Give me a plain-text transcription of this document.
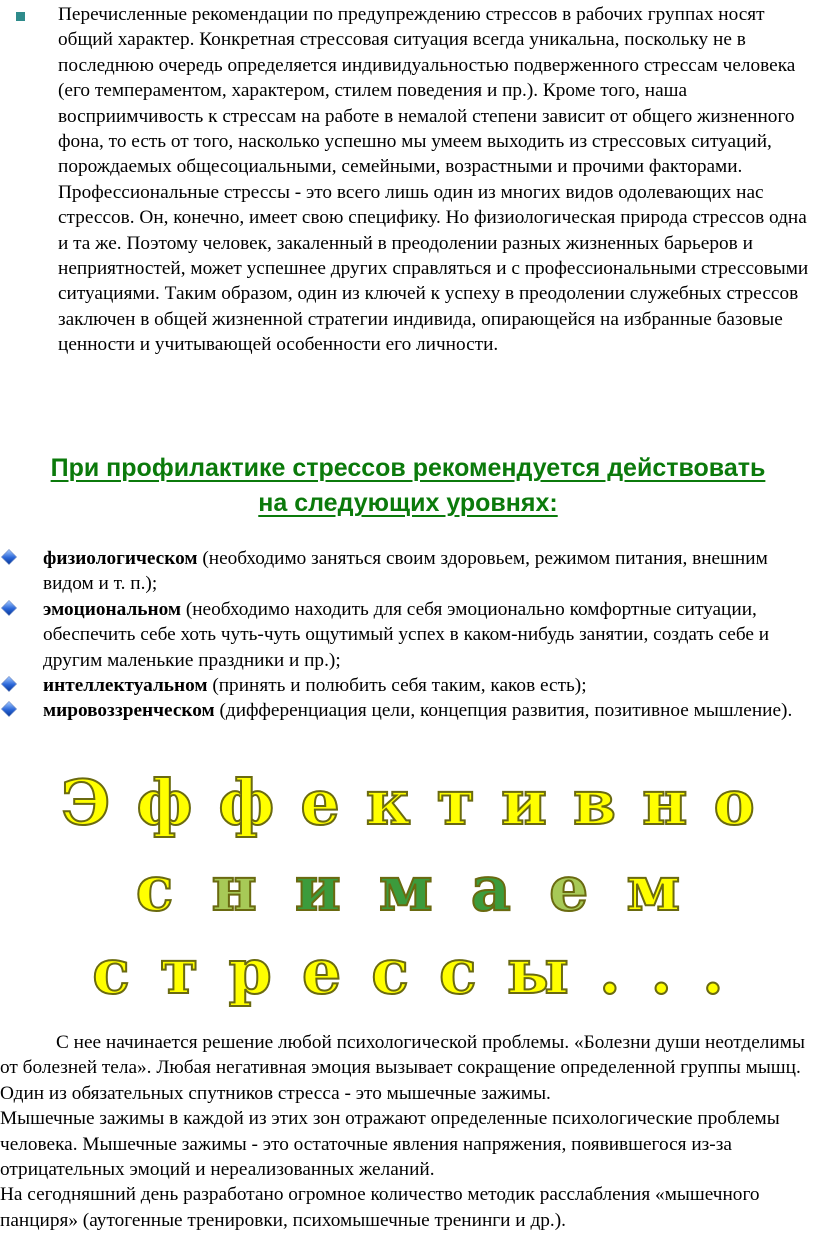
Перечисленные рекомендации по предупреждению стрессов в рабочих группах носят общий характер. Конкретная стрессовая ситуация всегда уникальна, поскольку не в последнюю очередь определяется индивидуальностью подверженного стрессам человека (его темпераментом, характером, стилем поведения и пр.). Кроме того, наша восприимчивость к стрессам на работе в немалой степени зависит от общего жизненного фона, то есть от того, насколько успешно мы умеем выходить из стрессовых ситуаций, порождаемых общесоциальными, семейными, возрастными и прочими факторами. Профессиональные стрессы - это всего лишь один из многих видов одолевающих нас стрессов. Он, конечно, имеет свою специфику. Но физиологическая природа стрессов одна и та же. Поэтому человек, закаленный в преодолении разных жизненных барьеров и неприятностей, может успешнее других справляться и с профессиональными стрессовыми ситуациями. Таким образом, один из ключей к успеху в преодолении служебных стрессов заключен в общей жизненной стратегии индивида, опирающейся на избранные базовые ценности и учитывающей особенности его личности.

При профилактике стрессов рекомендуется действовать
на следующих уровнях:
физиологическом (необходимо заняться своим здоровьем, режимом питания, внешним видом и т. п.);
эмоциональном (необходимо находить для себя эмоционально комфортные ситуации, обеспечить себе хоть чуть-чуть ощутимый успех в каком-нибудь занятии, создать себе и другим маленькие праздники и пр.);
интеллектуальном (принять и полюбить себя таким, каков есть);
мировоззренческом (дифференциация цели, концепция развития, позитивное мышление).
Э ф ф е к т и в н о
с н и м а е м
с т р е с с ы . . .

С нее начинается решение любой психологической проблемы. «Болезни души неотделимы от болезней тела». Любая негативная эмоция вызывает сокращение определенной группы мышц. Один из обязательных спутников стресса - это мышечные зажимы.

Мышечные зажимы в каждой из этих зон отражают определенные психологические проблемы человека. Мышечные зажимы - это остаточные явления напряжения, появившегося из-за отрицательных эмоций и нереализованных желаний.

На сегодняшний день разработано огромное количество методик расслабления «мышечного панциря» (аутогенные тренировки, психомышечные тренинги и др.).
